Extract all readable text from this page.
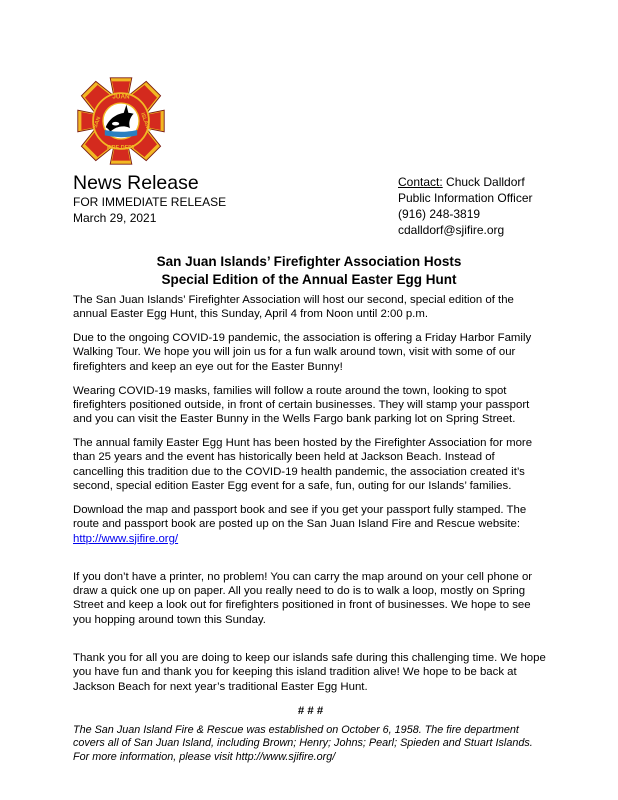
JUAN
SAN	ISLAND
FIRE DEPT
News Release
FOR IMMEDIATE RELEASE
March 29, 2021
Contact: Chuck Dalldorf
Public Information Officer
(916) 248-3819
cdalldorf@sjifire.org
San Juan Islands’ Firefighter Association Hosts
Special Edition of the Annual Easter Egg Hunt

The San Juan Islands’ Firefighter Association will host our second, special edition of the annual Easter Egg Hunt, this Sunday, April 4 from Noon until 2:00 p.m.

Due to the ongoing COVID-19 pandemic, the association is offering a Friday Harbor Family Walking Tour. We hope you will join us for a fun walk around town, visit with some of our firefighters and keep an eye out for the Easter Bunny!

Wearing COVID-19 masks, families will follow a route around the town, looking to spot firefighters positioned outside, in front of certain businesses. They will stamp your passport and you can visit the Easter Bunny in the Wells Fargo bank parking lot on Spring Street.

The annual family Easter Egg Hunt has been hosted by the Firefighter Association for more than 25 years and the event has historically been held at Jackson Beach. Instead of cancelling this tradition due to the COVID-19 health pandemic, the association created it’s second, special edition Easter Egg event for a safe, fun, outing for our Islands’ families.

Download the map and passport book and see if you get your passport fully stamped. The route and passport book are posted up on the San Juan Island Fire and Rescue website:
http://www.sjifire.org/

If you don’t have a printer, no problem! You can carry the map around on your cell phone or draw a quick one up on paper. All you really need to do is to walk a loop, mostly on Spring Street and keep a look out for firefighters positioned in front of businesses. We hope to see you hopping around town this Sunday.

Thank you for all you are doing to keep our islands safe during this challenging time. We hope you have fun and thank you for keeping this island tradition alive! We hope to be back at Jackson Beach for next year’s traditional Easter Egg Hunt.

# # #

The San Juan Island Fire & Rescue was established on October 6, 1958. The fire department covers all of San Juan Island, including Brown; Henry; Johns; Pearl; Spieden and Stuart Islands. For more information, please visit http://www.sjifire.org/
